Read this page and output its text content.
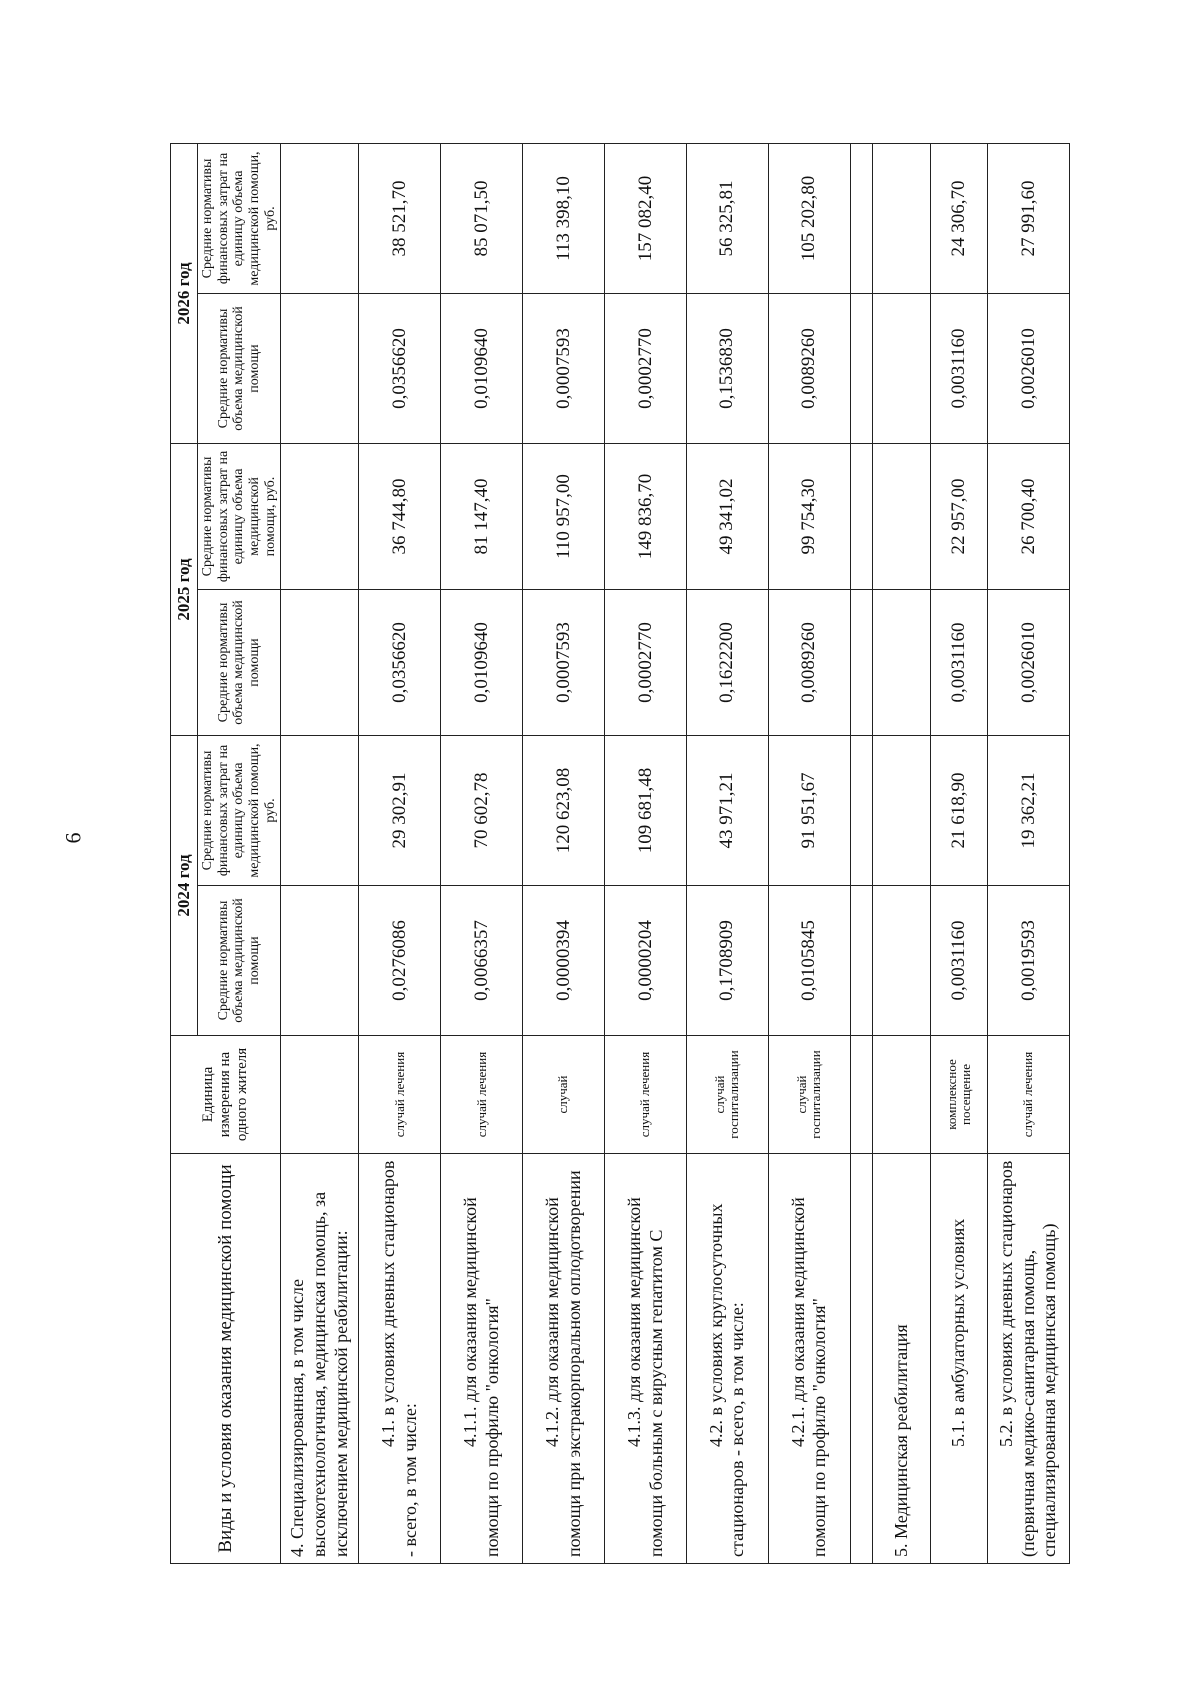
6
Виды и условия оказания медицинской помощи	Единица измерения на одного жителя	2024 год		2025 год		2026 год	
		Средние нормативы объема медицинской помощи	Средние нормативы финансовых затрат на единицу объема медицинской помощи, руб.	Средние нормативы объема медицинской помощи	Средние нормативы финансовых затрат на единицу объема медицинской помощи, руб.	Средние нормативы объема медицинской помощи	Средние нормативы финансовых затрат на единицу объема медицинской помощи, руб.
4. Специализированная, в том числе высокотехнологичная, медицинская помощь, за исключением медицинской реабилитации:							
4.1. в условиях дневных стационаров - всего, в том числе:	случай лечения	0,0276086	29 302,91	0,0356620	36 744,80	0,0356620	38 521,70
4.1.1. для оказания медицинской помощи по профилю "онкология"	случай лечения	0,0066357	70 602,78	0,0109640	81 147,40	0,0109640	85 071,50
4.1.2. для оказания медицинской помощи при экстракорпоральном оплодотворении	случай	0,0000394	120 623,08	0,0007593	110 957,00	0,0007593	113 398,10
4.1.3. для оказания медицинской помощи больным с вирусным гепатитом С	случай лечения	0,0000204	109 681,48	0,0002770	149 836,70	0,0002770	157 082,40
4.2. в условиях круглосуточных стационаров - всего, в том числе:	случай госпитализации	0,1708909	43 971,21	0,1622200	49 341,02	0,1536830	56 325,81
4.2.1. для оказания медицинской помощи по профилю "онкология"	случай госпитализации	0,0105845	91 951,67	0,0089260	99 754,30	0,0089260	105 202,80

5. Медицинская реабилитация							
5.1. в амбулаторных условиях	комплексное посещение	0,0031160	21 618,90	0,0031160	22 957,00	0,0031160	24 306,70
5.2. в условиях дневных стационаров (первичная медико-санитарная помощь, специализированная медицинская помощь)	случай лечения	0,0019593	19 362,21	0,0026010	26 700,40	0,0026010	27 991,60
